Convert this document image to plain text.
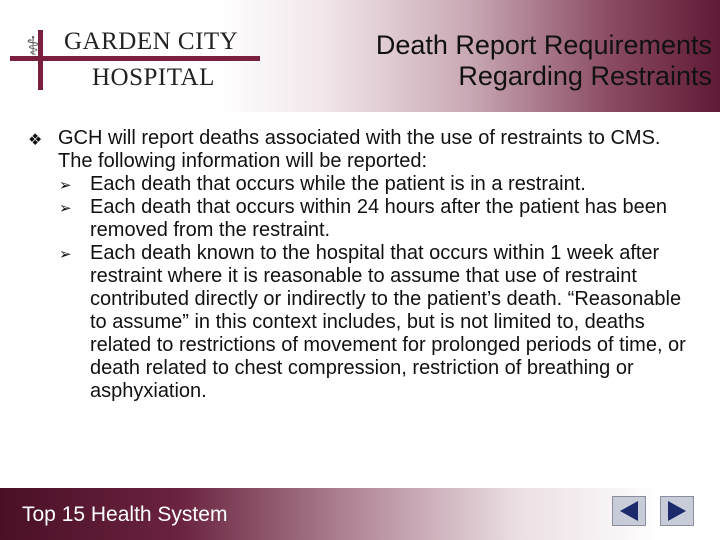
⚕ GARDEN CITY
HOSPITAL
Death Report Requirements
Regarding Restraints
❖ GCH will report deaths associated with the use of restraints to CMS. The following information will be reported:
➢ Each death that occurs while the patient is in a restraint.
➢ Each death that occurs within 24 hours after the patient has been removed from the restraint.
➢ Each death known to the hospital that occurs within 1 week after restraint where it is reasonable to assume that use of restraint contributed directly or indirectly to the patient’s death. “Reasonable to assume” in this context includes, but is not limited to, deaths related to restrictions of movement for prolonged periods of time, or death related to chest compression, restriction of breathing or asphyxiation.
Top 15 Health System
